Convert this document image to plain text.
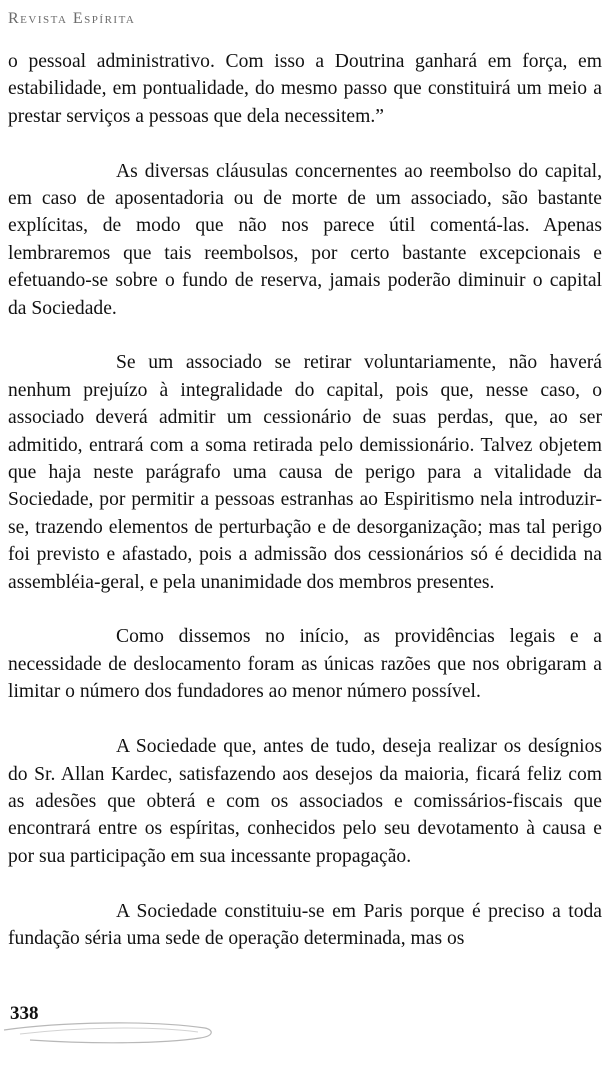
Revista Espírita

o pessoal administrativo. Com isso a Doutrina ganhará em força, em estabilidade, em pontualidade, do mesmo passo que constituirá um meio a prestar serviços a pessoas que dela necessitem.”

As diversas cláusulas concernentes ao reembolso do capital, em caso de aposentadoria ou de morte de um associado, são bastante explícitas, de modo que não nos parece útil comentá-las. Apenas lembraremos que tais reembolsos, por certo bastante excepcionais e efetuando-se sobre o fundo de reserva, jamais poderão diminuir o capital da Sociedade.

Se um associado se retirar voluntariamente, não haverá nenhum prejuízo à integralidade do capital, pois que, nesse caso, o associado deverá admitir um cessionário de suas perdas, que, ao ser admitido, entrará com a soma retirada pelo demissionário. Talvez objetem que haja neste parágrafo uma causa de perigo para a vitalidade da Sociedade, por permitir a pessoas estranhas ao Espiritismo nela introduzir-se, trazendo elementos de perturbação e de desorganização; mas tal perigo foi previsto e afastado, pois a admissão dos cessionários só é decidida na assembléia-geral, e pela unanimidade dos membros presentes.

Como dissemos no início, as providências legais e a necessidade de deslocamento foram as únicas razões que nos obrigaram a limitar o número dos fundadores ao menor número possível.

A Sociedade que, antes de tudo, deseja realizar os desígnios do Sr. Allan Kardec, satisfazendo aos desejos da maioria, ficará feliz com as adesões que obterá e com os associados e comissários-fiscais que encontrará entre os espíritas, conhecidos pelo seu devotamento à causa e por sua participação em sua incessante propagação.

A Sociedade constituiu-se em Paris porque é preciso a toda fundação séria uma sede de operação determinada, mas os

338
